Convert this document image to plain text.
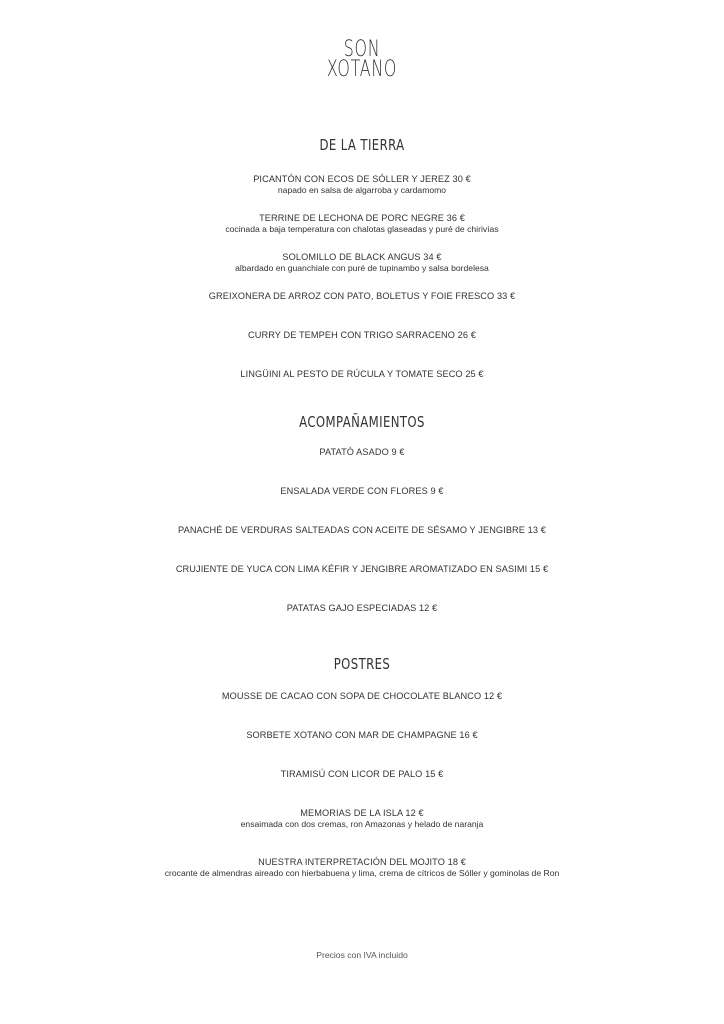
SON
XOTANO
DE LA TIERRA
PICANTÓN CON ECOS DE SÓLLER Y JEREZ 30 €
napado en salsa de algarroba y cardamomo
TERRINE DE LECHONA DE PORC NEGRE 36 €
cocinada a baja temperatura con chalotas glaseadas y puré de chirivías
SOLOMILLO DE BLACK ANGUS 34 €
albardado en guanchiale con puré de tupinambo y salsa bordelesa
GREIXONERA DE ARROZ CON PATO, BOLETUS Y FOIE FRESCO 33 €
CURRY DE TEMPEH CON TRIGO SARRACENO 26 €
LINGÜINI AL PESTO DE RÚCULA Y TOMATE SECO 25 €
ACOMPAÑAMIENTOS
PATATÓ ASADO 9 €
ENSALADA VERDE CON FLORES 9 €
PANACHÉ DE VERDURAS SALTEADAS CON ACEITE DE SÉSAMO Y JENGIBRE 13 €
CRUJIENTE DE YUCA CON LIMA KÉFIR Y JENGIBRE AROMATIZADO EN SASIMI 15 €
PATATAS GAJO ESPECIADAS 12 €
POSTRES
MOUSSE DE CACAO CON SOPA DE CHOCOLATE BLANCO 12 €
SORBETE XOTANO CON MAR DE CHAMPAGNE 16 €
TIRAMISÚ CON LICOR DE PALO 15 €
MEMORIAS DE LA ISLA 12 €
ensaimada con dos cremas, ron Amazonas y helado de naranja
NUESTRA INTERPRETACIÓN DEL MOJITO 18 €
crocante de almendras aireado con hierbabuena y lima, crema de cítricos de Sóller y gominolas de Ron
Precios con IVA incluido
